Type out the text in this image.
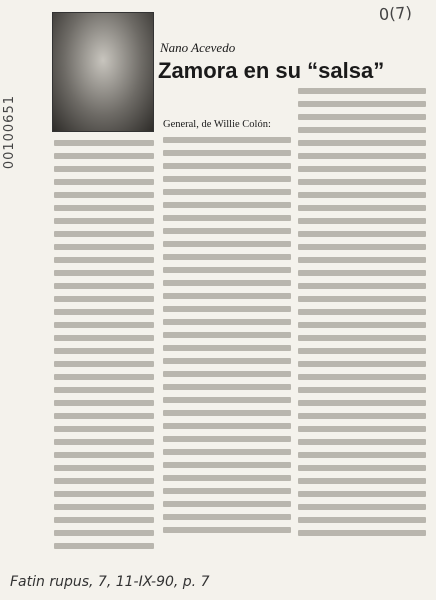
0(7)
00100651
Nano Acevedo
Zamora en su “salsa”

General, de Willie Colón:

Fatin rupus, 7, 11-IX-90, p. 7
